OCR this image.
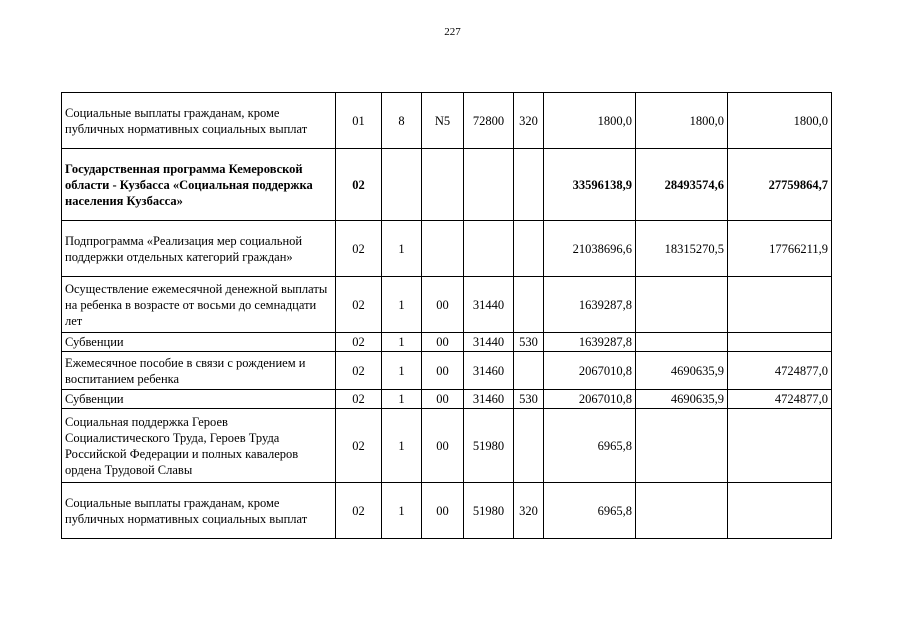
227
Социальные выплаты гражданам, кроме публичных нормативных социальных выплат	01	8	N5	72800	320	1800,0	1800,0	1800,0
Государственная программа Кемеровской области - Кузбасса «Социальная поддержка населения Кузбасса»	02					33596138,9	28493574,6	27759864,7
Подпрограмма «Реализация мер социальной поддержки отдельных категорий граждан»	02	1				21038696,6	18315270,5	17766211,9
Осуществление ежемесячной денежной выплаты на ребенка в возрасте от восьми до семнадцати лет	02	1	00	31440		1639287,8		
Субвенции	02	1	00	31440	530	1639287,8		
Ежемесячное пособие в связи с рождением и воспитанием ребенка	02	1	00	31460		2067010,8	4690635,9	4724877,0
Субвенции	02	1	00	31460	530	2067010,8	4690635,9	4724877,0
Социальная поддержка Героев Социалистического Труда, Героев Труда Российской Федерации и полных кавалеров ордена Трудовой Славы	02	1	00	51980		6965,8		
Социальные выплаты гражданам, кроме публичных нормативных социальных выплат	02	1	00	51980	320	6965,8		
